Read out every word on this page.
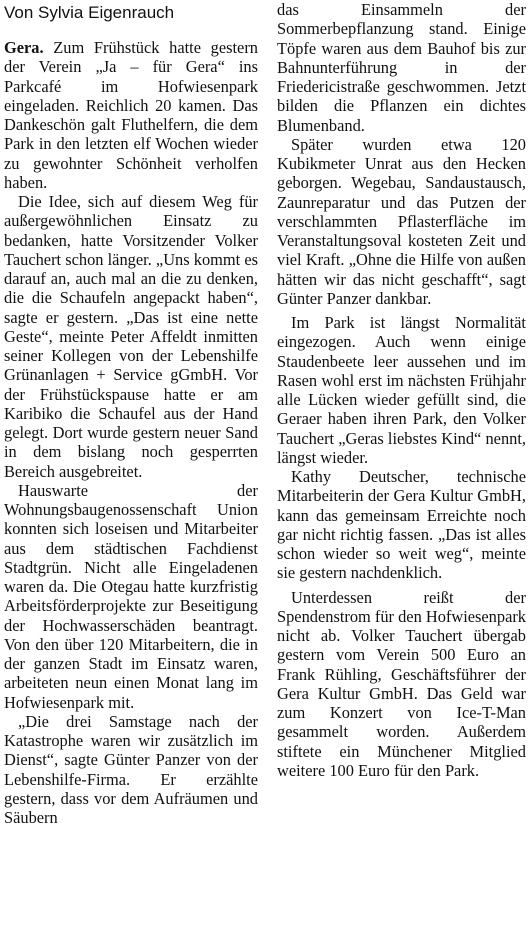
Von Sylvia Eigenrauch

Gera. Zum Frühstück hatte gestern der Verein „Ja – für Gera“ ins Parkcafé im Hofwiesenpark eingeladen. Reichlich 20 kamen. Das Dankeschön galt Fluthelfern, die dem Park in den letzten elf Wochen wieder zu gewohnter Schönheit verholfen haben.

Die Idee, sich auf diesem Weg für außergewöhnlichen Einsatz zu bedanken, hatte Vorsitzender Volker Tauchert schon länger. „Uns kommt es darauf an, auch mal an die zu denken, die die Schaufeln angepackt haben“, sagte er gestern. „Das ist eine nette Geste“, meinte Peter Affeldt inmitten seiner Kollegen von der Lebenshilfe Grünanlagen + Service gGmbH. Vor der Frühstückspause hatte er am Karibiko die Schaufel aus der Hand gelegt. Dort wurde gestern neuer Sand in dem bislang noch gesperrten Bereich ausgebreitet.

Hauswarte der Wohnungsbaugenossenschaft Union konnten sich loseisen und Mitarbeiter aus dem städtischen Fachdienst Stadtgrün. Nicht alle Eingeladenen waren da. Die Otegau hatte kurzfristig Arbeitsförderprojekte zur Beseitigung der Hochwasserschäden beantragt. Von den über 120 Mitarbeitern, die in der ganzen Stadt im Einsatz waren, arbeiteten neun einen Monat lang im Hofwiesenpark mit.

„Die drei Samstage nach der Katastrophe waren wir zusätzlich im Dienst“, sagte Günter Panzer von der Lebenshilfe-Firma. Er erzählte gestern, dass vor dem Aufräumen und Säubern

das Einsammeln der Sommerbepflanzung stand. Einige Töpfe waren aus dem Bauhof bis zur Bahnunterführung in der Friedericistraße geschwommen. Jetzt bilden die Pflanzen ein dichtes Blumenband.

Später wurden etwa 120 Kubikmeter Unrat aus den Hecken geborgen. Wegebau, Sandaustausch, Zaunreparatur und das Putzen der verschlammten Pflasterfläche im Veranstaltungsoval kosteten Zeit und viel Kraft. „Ohne die Hilfe von außen hätten wir das nicht geschafft“, sagt Günter Panzer dankbar.

Im Park ist längst Normalität eingezogen. Auch wenn einige Staudenbeete leer aussehen und im Rasen wohl erst im nächsten Frühjahr alle Lücken wieder gefüllt sind, die Geraer haben ihren Park, den Volker Tauchert „Geras liebstes Kind“ nennt, längst wieder.

Kathy Deutscher, technische Mitarbeiterin der Gera Kultur GmbH, kann das gemeinsam Erreichte noch gar nicht richtig fassen. „Das ist alles schon wieder so weit weg“, meinte sie gestern nachdenklich.

Unterdessen reißt der Spendenstrom für den Hofwiesenpark nicht ab. Volker Tauchert übergab gestern vom Verein 500 Euro an Frank Rühling, Geschäftsführer der Gera Kultur GmbH. Das Geld war zum Konzert von Ice-T-Man gesammelt worden. Außerdem stiftete ein Münchener Mitglied weitere 100 Euro für den Park.
